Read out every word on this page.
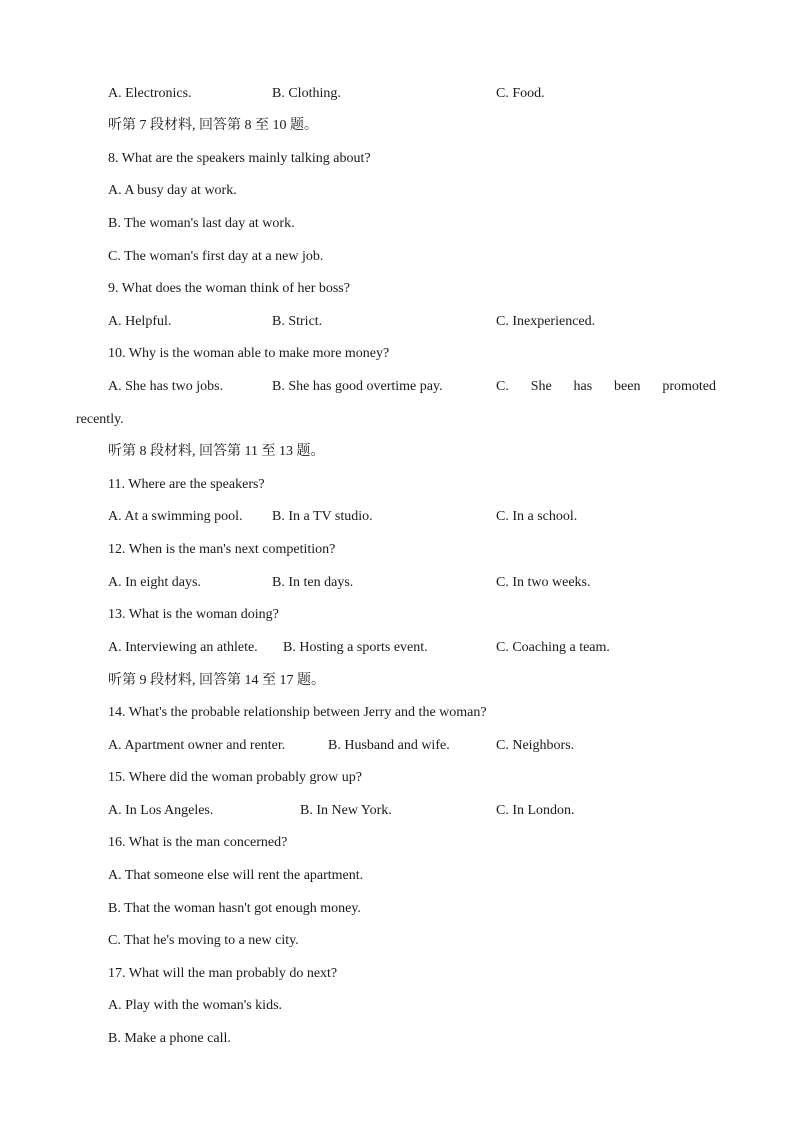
A. Electronics.	B. Clothing.	C. Food.
听第 7 段材料, 回答第 8 至 10 题。
8. What are the speakers mainly talking about?
A. A busy day at work.
B. The woman's last day at work.
C. The woman's first day at a new job.
9. What does the woman think of her boss?
A. Helpful.	B. Strict.	C. Inexperienced.
10. Why is the woman able to make more money?
A. She has two jobs.	B. She has good overtime pay.	C. She has been promoted
recently.
听第 8 段材料, 回答第 11 至 13 题。
11. Where are the speakers?
A. At a swimming pool. B. In a TV studio.	C. In a school.
12. When is the man's next competition?
A. In eight days.	B. In ten days.	C. In two weeks.
13. What is the woman doing?
A. Interviewing an athlete. B. Hosting a sports event.	C. Coaching a team.
听第 9 段材料, 回答第 14 至 17 题。
14. What's the probable relationship between Jerry and the woman?
A. Apartment owner and renter.	B. Husband and wife.	C. Neighbors.
15. Where did the woman probably grow up?
A. In Los Angeles.	B. In New York.	C. In London.
16. What is the man concerned?
A. That someone else will rent the apartment.
B. That the woman hasn't got enough money.
C. That he's moving to a new city.
17. What will the man probably do next?
A. Play with the woman's kids.
B. Make a phone call.
